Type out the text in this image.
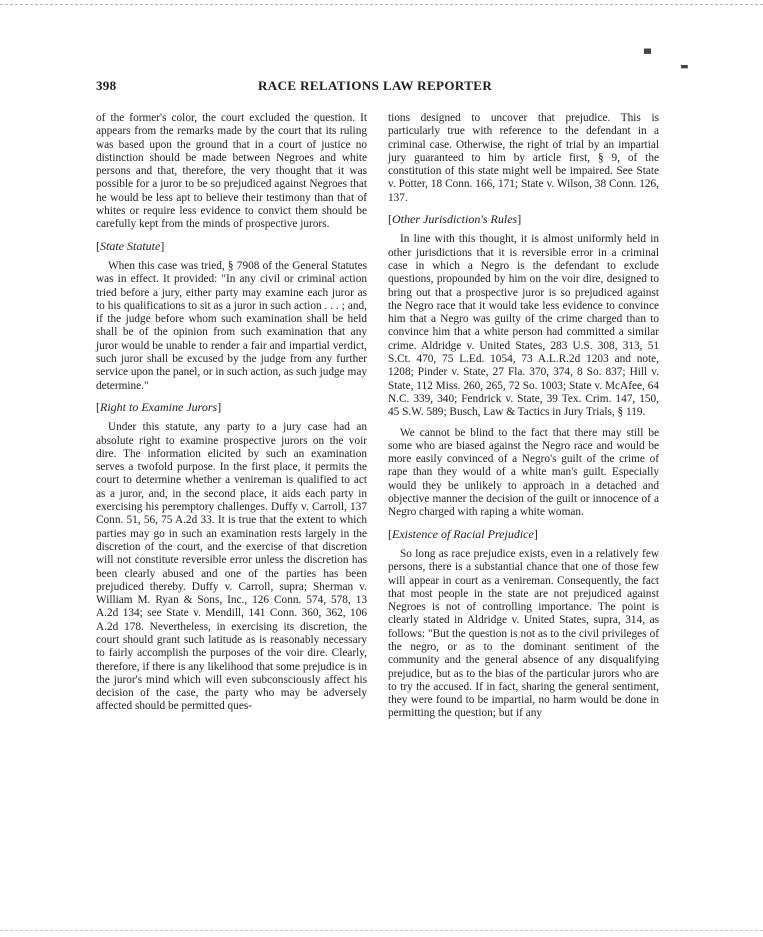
▀
▬
398	RACE RELATIONS LAW REPORTER

of the former's color, the court excluded the question. It appears from the remarks made by the court that its ruling was based upon the ground that in a court of justice no distinction should be made between Negroes and white persons and that, therefore, the very thought that it was possible for a juror to be so prejudiced against Negroes that he would be less apt to believe their testimony than that of whites or require less evidence to convict them should be carefully kept from the minds of prospective jurors.

[State Statute]

When this case was tried, § 7908 of the General Statutes was in effect. It provided: "In any civil or criminal action tried before a jury, either party may examine each juror as to his qualifications to sit as a juror in such action . . . ; and, if the judge before whom such examination shall be held shall be of the opinion from such examination that any juror would be unable to render a fair and impartial verdict, such juror shall be excused by the judge from any further service upon the panel, or in such action, as such judge may determine."

[Right to Examine Jurors]

Under this statute, any party to a jury case had an absolute right to examine prospective jurors on the voir dire. The information elicited by such an examination serves a twofold purpose. In the first place, it permits the court to determine whether a venireman is qualified to act as a juror, and, in the second place, it aids each party in exercising his peremptory challenges. Duffy v. Carroll, 137 Conn. 51, 56, 75 A.2d 33. It is true that the extent to which parties may go in such an examination rests largely in the discretion of the court, and the exercise of that discretion will not constitute reversible error unless the discretion has been clearly abused and one of the parties has been prejudiced thereby. Duffy v. Carroll, supra; Sherman v. William M. Ryan & Sons, Inc., 126 Conn. 574, 578, 13 A.2d 134; see State v. Mendill, 141 Conn. 360, 362, 106 A.2d 178. Nevertheless, in exercising its discretion, the court should grant such latitude as is reasonably necessary to fairly accomplish the purposes of the voir dire. Clearly, therefore, if there is any likelihood that some prejudice is in the juror's mind which will even subconsciously affect his decision of the case, the party who may be adversely affected should be permitted ques-

tions designed to uncover that prejudice. This is particularly true with reference to the defendant in a criminal case. Otherwise, the right of trial by an impartial jury guaranteed to him by article first, § 9, of the constitution of this state might well be impaired. See State v. Potter, 18 Conn. 166, 171; State v. Wilson, 38 Conn. 126, 137.

[Other Jurisdiction's Rules]

In line with this thought, it is almost uniformly held in other jurisdictions that it is reversible error in a criminal case in which a Negro is the defendant to exclude questions, propounded by him on the voir dire, designed to bring out that a prospective juror is so prejudiced against the Negro race that it would take less evidence to convince him that a Negro was guilty of the crime charged than to convince him that a white person had committed a similar crime. Aldridge v. United States, 283 U.S. 308, 313, 51 S.Ct. 470, 75 L.Ed. 1054, 73 A.L.R.2d 1203 and note, 1208; Pinder v. State, 27 Fla. 370, 374, 8 So. 837; Hill v. State, 112 Miss. 260, 265, 72 So. 1003; State v. McAfee, 64 N.C. 339, 340; Fendrick v. State, 39 Tex. Crim. 147, 150, 45 S.W. 589; Busch, Law & Tactics in Jury Trials, § 119.

We cannot be blind to the fact that there may still be some who are biased against the Negro race and would be more easily convinced of a Negro's guilt of the crime of rape than they would of a white man's guilt. Especially would they be unlikely to approach in a detached and objective manner the decision of the guilt or innocence of a Negro charged with raping a white woman.

[Existence of Racial Prejudice]

So long as race prejudice exists, even in a relatively few persons, there is a substantial chance that one of those few will appear in court as a venireman. Consequently, the fact that most people in the state are not prejudiced against Negroes is not of controlling importance. The point is clearly stated in Aldridge v. United States, supra, 314, as follows: "But the question is not as to the civil privileges of the negro, or as to the dominant sentiment of the community and the general absence of any disqualifying prejudice, but as to the bias of the particular jurors who are to try the accused. If in fact, sharing the general sentiment, they were found to be impartial, no harm would be done in permitting the question; but if any
